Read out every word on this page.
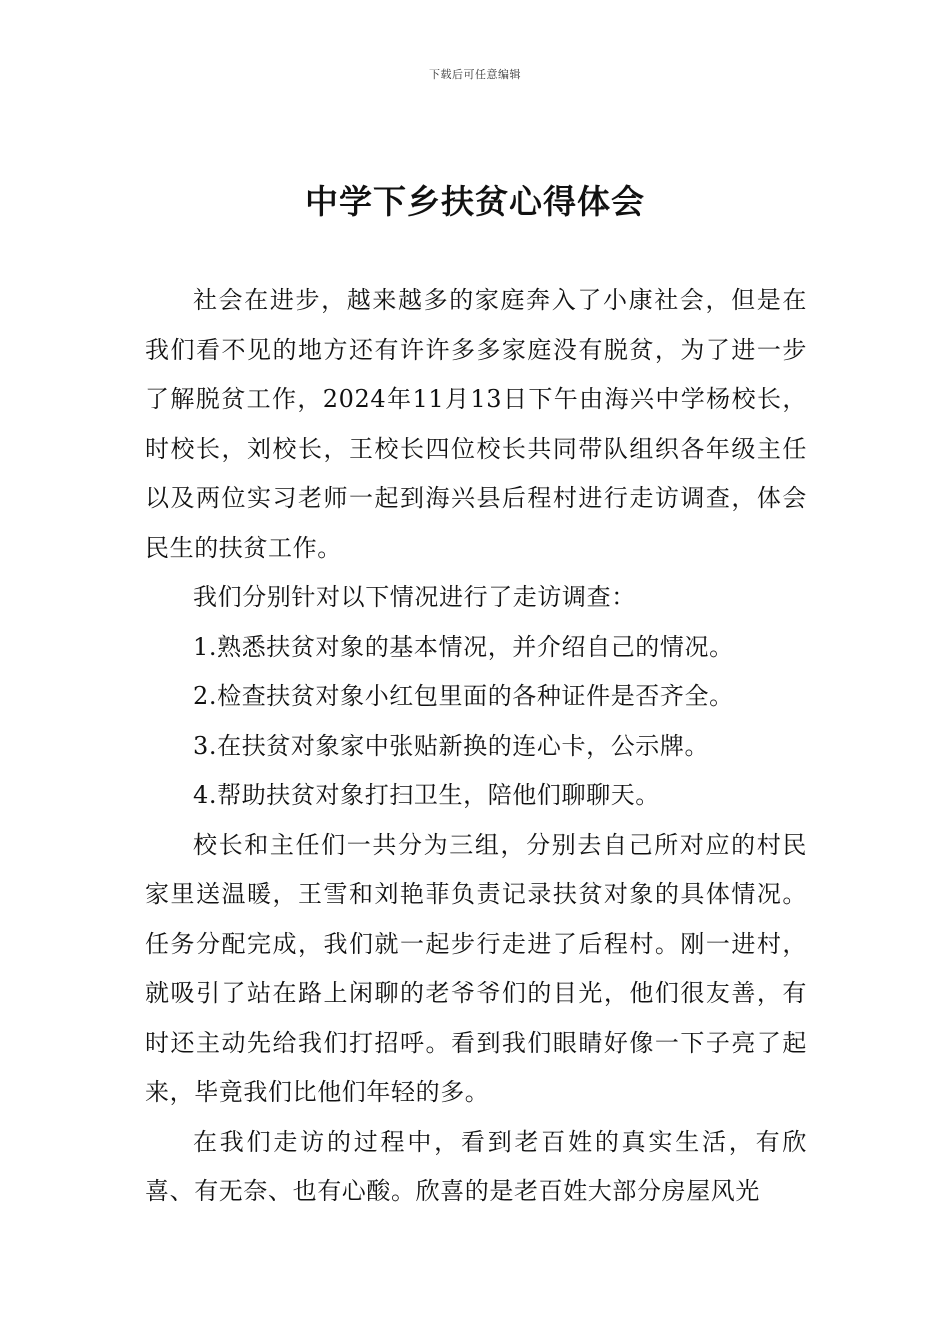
下载后可任意编辑
中学下乡扶贫心得体会

社会在进步，越来越多的家庭奔入了小康社会，但是在我们看不见的地方还有许许多多家庭没有脱贫，为了进一步了解脱贫工作，2024年11月13日下午由海兴中学杨校长，时校长，刘校长，王校长四位校长共同带队组织各年级主任以及两位实习老师一起到海兴县后程村进行走访调查，体会民生的扶贫工作。

我们分别针对以下情况进行了走访调查：

1.熟悉扶贫对象的基本情况，并介绍自己的情况。

2.检查扶贫对象小红包里面的各种证件是否齐全。

3.在扶贫对象家中张贴新换的连心卡，公示牌。

4.帮助扶贫对象打扫卫生，陪他们聊聊天。

校长和主任们一共分为三组，分别去自己所对应的村民家里送温暖，王雪和刘艳菲负责记录扶贫对象的具体情况。任务分配完成，我们就一起步行走进了后程村。刚一进村，就吸引了站在路上闲聊的老爷爷们的目光，他们很友善，有时还主动先给我们打招呼。看到我们眼睛好像一下子亮了起来，毕竟我们比他们年轻的多。

在我们走访的过程中，看到老百姓的真实生活，有欣喜、有无奈、也有心酸。欣喜的是老百姓大部分房屋风光
